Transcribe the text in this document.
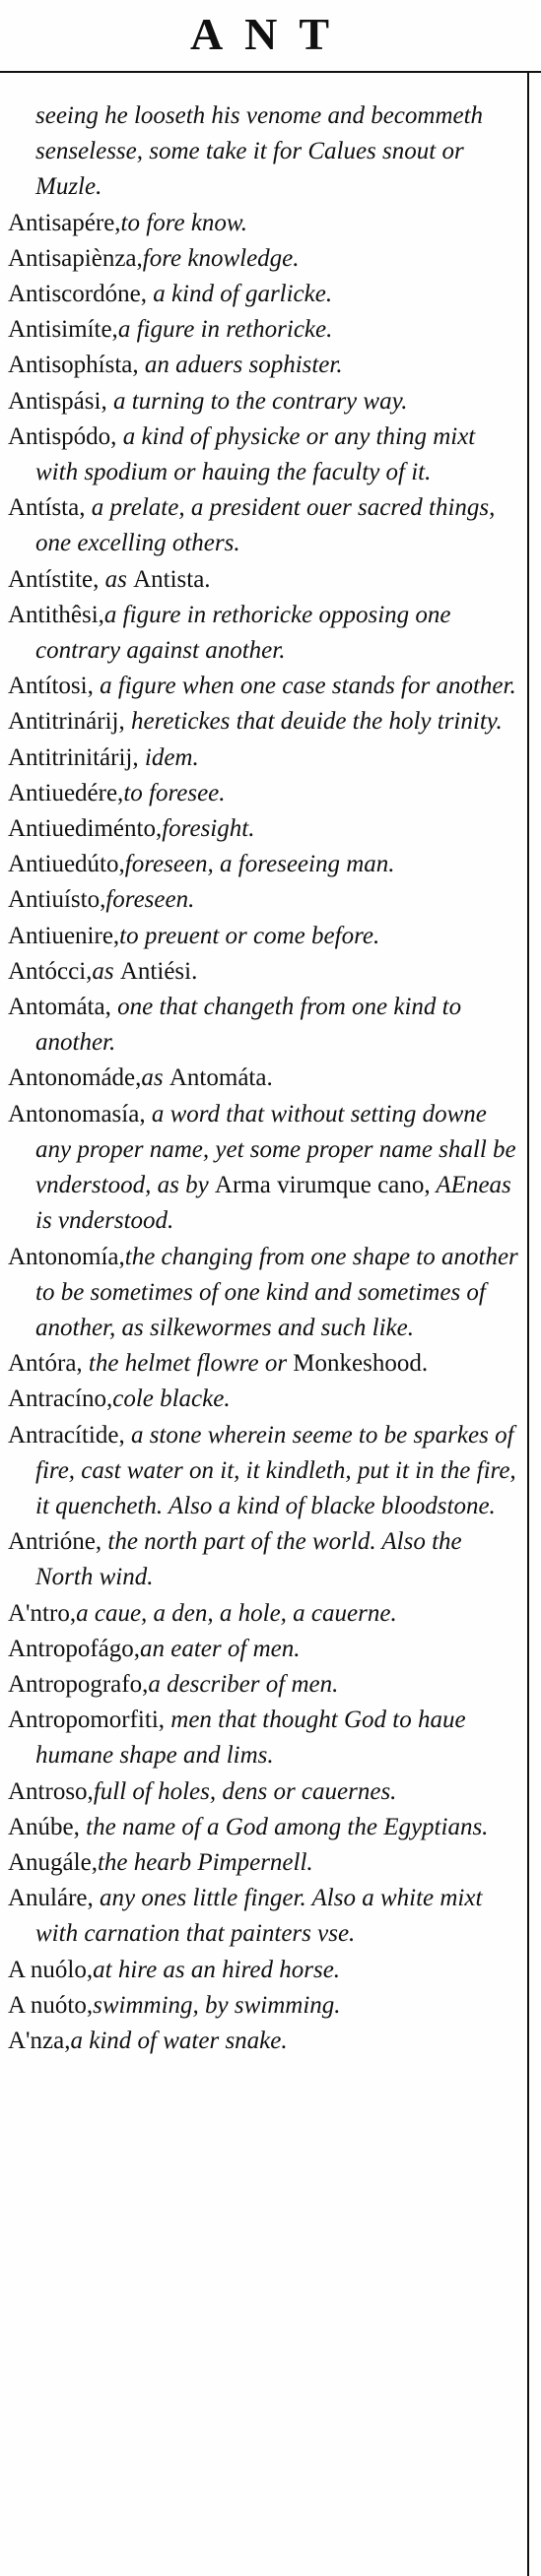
ANT

seeing he looseth his venome and becommeth senselesse, some take it for Calues snout or Muzle.

Antisapére,to fore know.

Antisapiènza,fore knowledge.

Antiscordóne, a kind of garlicke.

Antisimíte,a figure in rethoricke.

Antisophísta, an aduers sophister.

Antispási, a turning to the contrary way.

Antispódo, a kind of physicke or any thing mixt with spodium or hauing the faculty of it.

Antísta, a prelate, a president ouer sacred things, one excelling others.

Antístite, as Antista.

Antithêsi,a figure in rethoricke opposing one contrary against another.

Antítosi, a figure when one case stands for another.

Antitrinárij, heretickes that deuide the holy trinity.

Antitrinitárij, idem.

Antiuedére,to foresee.

Antiuediménto,foresight.

Antiuedúto,foreseen, a foreseeing man.

Antiuísto,foreseen.

Antiuenire,to preuent or come before.

Antócci,as Antiési.

Antomáta, one that changeth from one kind to another.

Antonomáde,as Antomáta.

Antonomasía, a word that without setting downe any proper name, yet some proper name shall be vnderstood, as by Arma virumque cano, AEneas is vnderstood.

Antonomía,the changing from one shape to another to be sometimes of one kind and sometimes of another, as silkewormes and such like.

Antóra, the helmet flowre or Monkeshood.

Antracíno,cole blacke.

Antracítide, a stone wherein seeme to be sparkes of fire, cast water on it, it kindleth, put it in the fire, it quencheth. Also a kind of blacke bloodstone.

Antrióne, the north part of the world. Also the North wind.

A'ntro,a caue, a den, a hole, a cauerne.

Antropofágo,an eater of men.

Antropografo,a describer of men.

Antropomorfiti, men that thought God to haue humane shape and lims.

Antroso,full of holes, dens or cauernes.

Anúbe, the name of a God among the Egyptians.

Anugále,the hearb Pimpernell.

Anuláre, any ones little finger. Also a white mixt with carnation that painters vse.

A nuólo,at hire as an hired horse.

A nuóto,swimming, by swimming.

A'nza,a kind of water snake.
